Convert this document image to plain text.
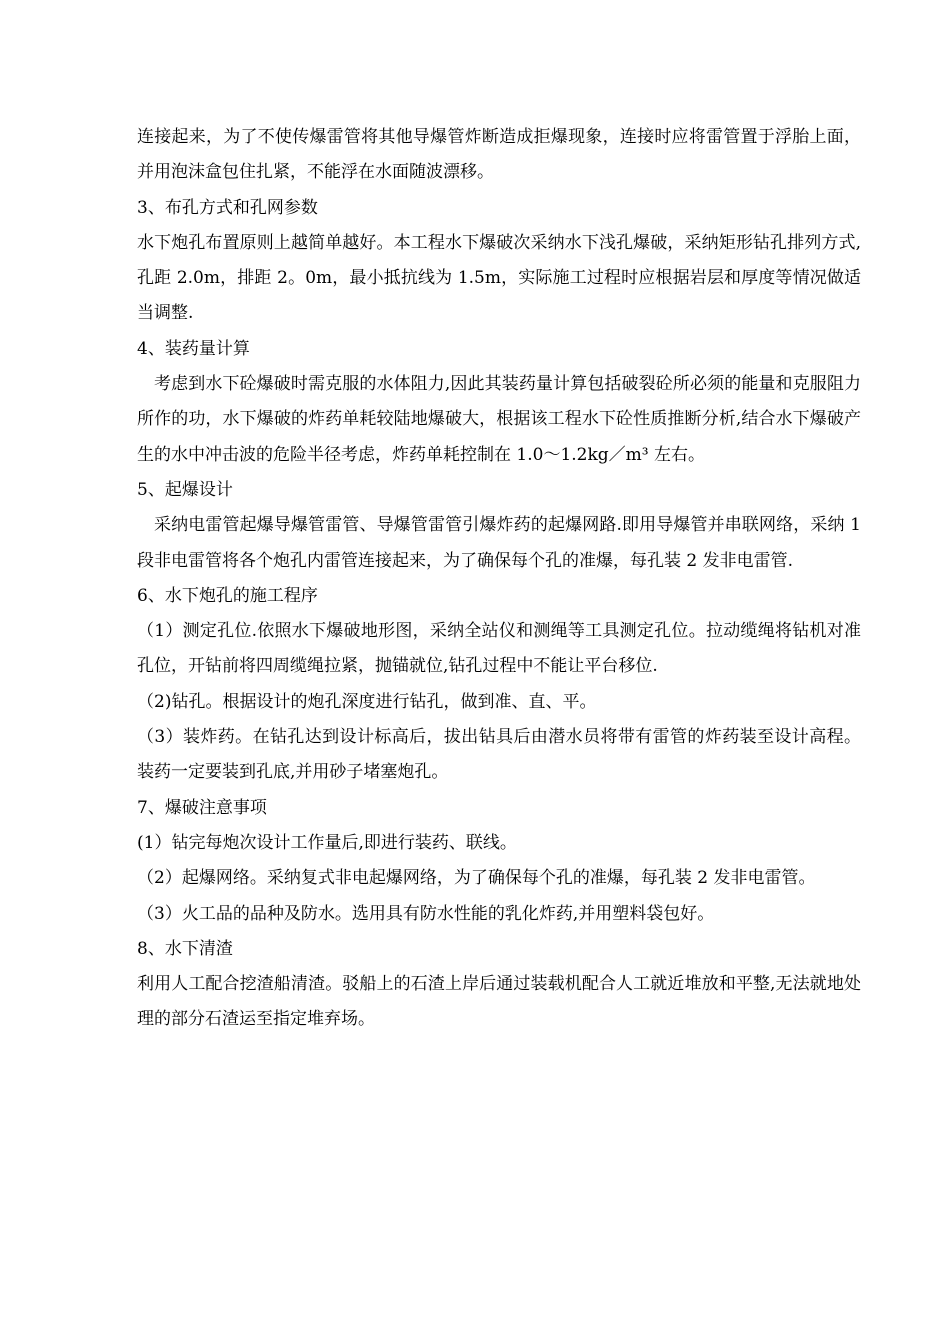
连接起来，为了不使传爆雷管将其他导爆管炸断造成拒爆现象，连接时应将雷管置于浮胎上面，并用泡沫盒包住扎紧，不能浮在水面随波漂移。

3、布孔方式和孔网参数

水下炮孔布置原则上越简单越好。本工程水下爆破次采纳水下浅孔爆破，采纳矩形钻孔排列方式,孔距 2.0m，排距 2。0m，最小抵抗线为 1.5m，实际施工过程时应根据岩层和厚度等情况做适当调整.

4、装药量计算

考虑到水下砼爆破时需克服的水体阻力,因此其装药量计算包括破裂砼所必须的能量和克服阻力所作的功，水下爆破的炸药单耗较陆地爆破大，根据该工程水下砼性质推断分析,结合水下爆破产生的水中冲击波的危险半径考虑，炸药单耗控制在 1.0～1.2kg／m³ 左右。

5、起爆设计

采纳电雷管起爆导爆管雷管、导爆管雷管引爆炸药的起爆网路.即用导爆管并串联网络，采纳 1 段非电雷管将各个炮孔内雷管连接起来，为了确保每个孔的准爆，每孔装 2 发非电雷管.

6、水下炮孔的施工程序

（1）测定孔位.依照水下爆破地形图，采纳全站仪和测绳等工具测定孔位。拉动缆绳将钻机对准孔位，开钻前将四周缆绳拉紧，抛锚就位,钻孔过程中不能让平台移位.

（2)钻孔。根据设计的炮孔深度进行钻孔，做到准、直、平。

（3）装炸药。在钻孔达到设计标高后，拔出钻具后由潜水员将带有雷管的炸药装至设计高程。装药一定要装到孔底,并用砂子堵塞炮孔。

7、爆破注意事项

(1）钻完每炮次设计工作量后,即进行装药、联线。

（2）起爆网络。采纳复式非电起爆网络，为了确保每个孔的准爆，每孔装 2 发非电雷管。

（3）火工品的品种及防水。选用具有防水性能的乳化炸药,并用塑料袋包好。

8、水下清渣

利用人工配合挖渣船清渣。驳船上的石渣上岸后通过装载机配合人工就近堆放和平整,无法就地处理的部分石渣运至指定堆弃场。
